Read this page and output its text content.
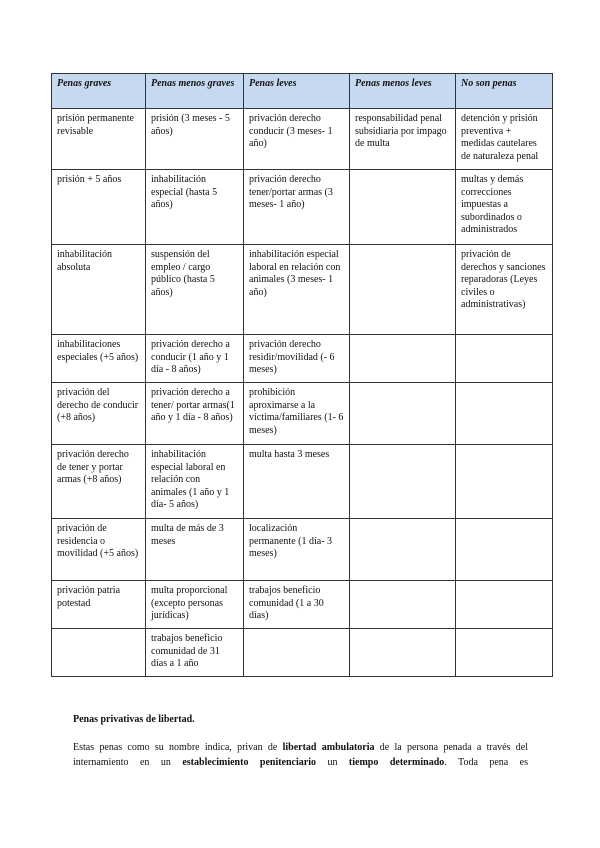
Penas graves	Penas menos graves	Penas leves	Penas menos leves	No son penas
prisión permanente revisable	prisión (3 meses - 5 años)	privación derecho conducir (3 meses- 1 año)	responsabilidad penal subsidiaria por impago de multa	detención y prisión preventiva + medidas cautelares de naturaleza penal
prisión + 5 años	inhabilitación especial (hasta 5 años)	privación derecho tener/portar armas (3 meses- 1 año)		multas y demás correcciones impuestas a subordinados o administrados
inhabilitación absoluta	suspensión del empleo / cargo público (hasta 5 años)	inhabilitación especial laboral en relación con animales (3 meses- 1 año)		privación de derechos y sanciones reparadoras (Leyes civiles o administrativas)
inhabilitaciones especiales (+5 años)	privación derecho a conducir (1 año y 1 día - 8 años)	privación derecho residir/movilidad (- 6 meses)		
privación del derecho de conducir (+8 años)	privación derecho a tener/ portar armas(1 año y 1 día - 8 años)	prohibición aproximarse a la víctima/familiares (1- 6 meses)		
privación derecho de tener y portar armas (+8 años)	inhabilitación especial laboral en relación con animales (1 año y 1 día- 5 años)	multa hasta 3 meses		
privación de residencia o movilidad (+5 años)	multa de más de 3 meses	localización permanente (1 día- 3 meses)		
privación patria potestad	multa proporcional (excepto personas jurídicas)	trabajos beneficio comunidad (1 a 30 días)		
	trabajos beneficio comunidad de 31 días a 1 año			

Penas privativas de libertad.

Estas penas como su nombre indica, privan de libertad ambulatoria de la persona penada a través del internamiento en un establecimiento penitenciario un tiempo determinado. Toda pena es
